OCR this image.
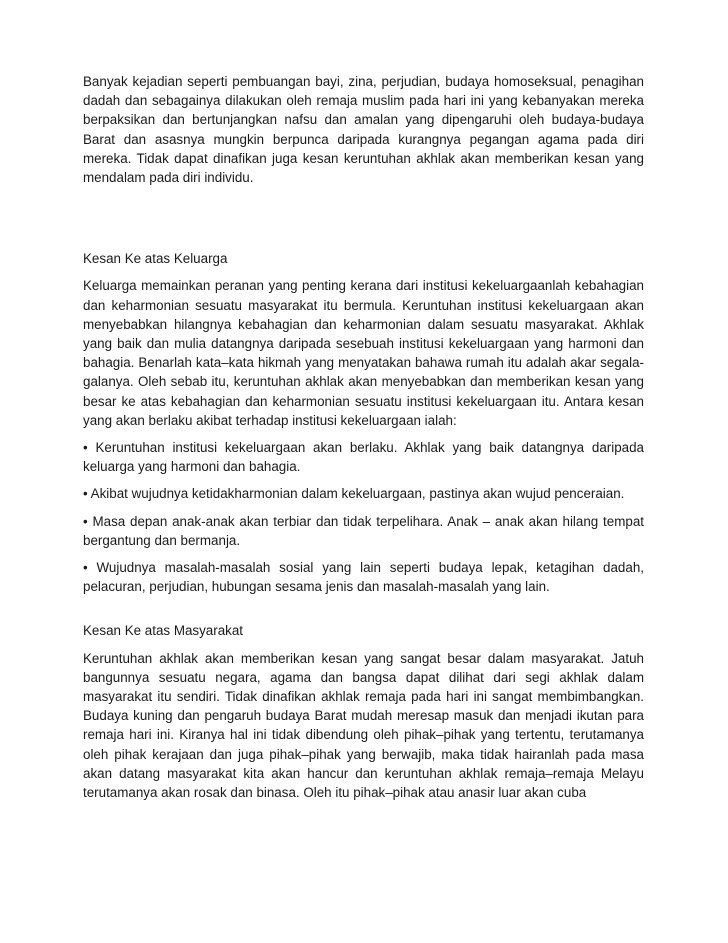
Banyak kejadian seperti pembuangan bayi, zina, perjudian, budaya homoseksual, penagihan dadah dan sebagainya dilakukan oleh remaja muslim pada hari ini yang kebanyakan mereka berpaksikan dan bertunjangkan nafsu dan amalan yang dipengaruhi oleh budaya-budaya Barat dan asasnya mungkin berpunca daripada kurangnya pegangan agama pada diri mereka. Tidak dapat dinafikan juga kesan keruntuhan akhlak akan memberikan kesan yang mendalam pada diri individu.

Kesan Ke atas Keluarga

Keluarga memainkan peranan yang penting kerana dari institusi kekeluargaanlah kebahagian dan keharmonian sesuatu masyarakat itu bermula. Keruntuhan institusi kekeluargaan akan menyebabkan hilangnya kebahagian dan keharmonian dalam sesuatu masyarakat. Akhlak yang baik dan mulia datangnya daripada sesebuah institusi kekeluargaan yang harmoni dan bahagia. Benarlah kata–kata hikmah yang menyatakan bahawa rumah itu adalah akar segala-galanya. Oleh sebab itu, keruntuhan akhlak akan menyebabkan dan memberikan kesan yang besar ke atas kebahagian dan keharmonian sesuatu institusi kekeluargaan itu. Antara kesan yang akan berlaku akibat terhadap institusi kekeluargaan ialah:

• Keruntuhan institusi kekeluargaan akan berlaku. Akhlak yang baik datangnya daripada keluarga yang harmoni dan bahagia.

• Akibat wujudnya ketidakharmonian dalam kekeluargaan, pastinya akan wujud penceraian.

• Masa depan anak-anak akan terbiar dan tidak terpelihara. Anak – anak akan hilang tempat bergantung dan bermanja.

• Wujudnya masalah-masalah sosial yang lain seperti budaya lepak, ketagihan dadah, pelacuran, perjudian, hubungan sesama jenis dan masalah-masalah yang lain.

Kesan Ke atas Masyarakat

Keruntuhan akhlak akan memberikan kesan yang sangat besar dalam masyarakat. Jatuh bangunnya sesuatu negara, agama dan bangsa dapat dilihat dari segi akhlak dalam masyarakat itu sendiri. Tidak dinafikan akhlak remaja pada hari ini sangat membimbangkan. Budaya kuning dan pengaruh budaya Barat mudah meresap masuk dan menjadi ikutan para remaja hari ini. Kiranya hal ini tidak dibendung oleh pihak–pihak yang tertentu, terutamanya oleh pihak kerajaan dan juga pihak–pihak yang berwajib, maka tidak hairanlah pada masa akan datang masyarakat kita akan hancur dan keruntuhan akhlak remaja–remaja Melayu terutamanya akan rosak dan binasa. Oleh itu pihak–pihak atau anasir luar akan cuba
